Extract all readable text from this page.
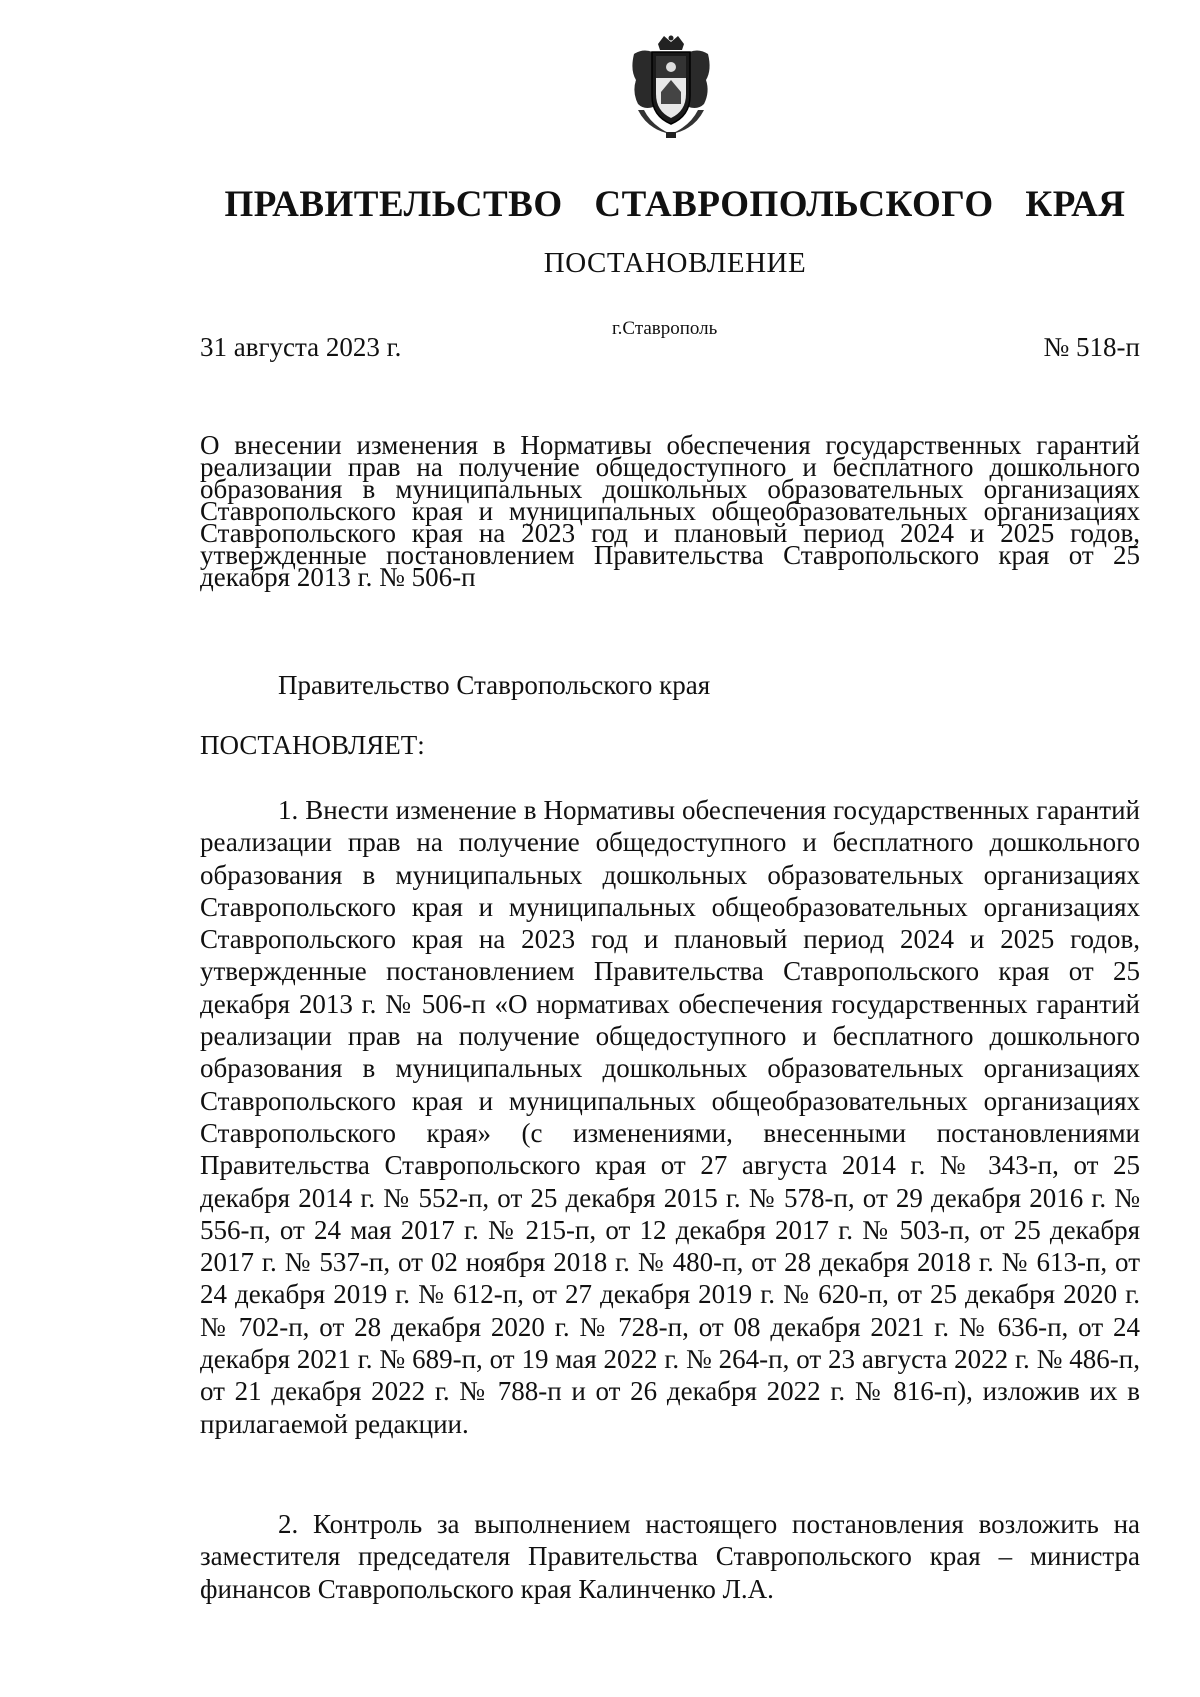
ПРАВИТЕЛЬСТВО СТАВРОПОЛЬСКОГО КРАЯ
ПОСТАНОВЛЕНИЕ
31 августа 2023 г.
г.Ставрополь
№ 518-п
О внесении изменения в Нормативы обеспечения государственных гарантий реализации прав на получение общедоступного и бесплатного дошкольного образования в муниципальных дошкольных образовательных организациях Ставропольского края и муниципальных общеобразовательных организациях Ставропольского края на 2023 год и плановый период 2024 и 2025 годов, утвержденные постановлением Правительства Ставропольского края от 25 декабря 2013 г. № 506-п
Правительство Ставропольского края
ПОСТАНОВЛЯЕТ:
1. Внести изменение в Нормативы обеспечения государственных гарантий реализации прав на получение общедоступного и бесплатного дошкольного образования в муниципальных дошкольных образовательных организациях Ставропольского края и муниципальных общеобразовательных организациях Ставропольского края на 2023 год и плановый период 2024 и 2025 годов, утвержденные постановлением Правительства Ставропольского края от 25 декабря 2013 г. № 506-п «О нормативах обеспечения государственных гарантий реализации прав на получение общедоступного и бесплатного дошкольного образования в муниципальных дошкольных образовательных организациях Ставропольского края и муниципальных общеобразовательных организациях Ставропольского края» (с изменениями, внесенными постановлениями Правительства Ставропольского края от 27 августа 2014 г. № 343-п, от 25 декабря 2014 г. № 552-п, от 25 декабря 2015 г. № 578-п, от 29 декабря 2016 г. № 556-п, от 24 мая 2017 г. № 215-п, от 12 декабря 2017 г. № 503-п, от 25 декабря 2017 г. № 537-п, от 02 ноября 2018 г. № 480-п, от 28 декабря 2018 г. № 613-п, от 24 декабря 2019 г. № 612-п, от 27 декабря 2019 г. № 620-п, от 25 декабря 2020 г. № 702-п, от 28 декабря 2020 г. № 728-п, от 08 декабря 2021 г. № 636-п, от 24 декабря 2021 г. № 689-п, от 19 мая 2022 г. № 264-п, от 23 августа 2022 г. № 486-п, от 21 декабря 2022 г. № 788-п и от 26 декабря 2022 г. № 816-п), изложив их в прилагаемой редакции.
2. Контроль за выполнением настоящего постановления возложить на заместителя председателя Правительства Ставропольского края – министра финансов Ставропольского края Калинченко Л.А.
